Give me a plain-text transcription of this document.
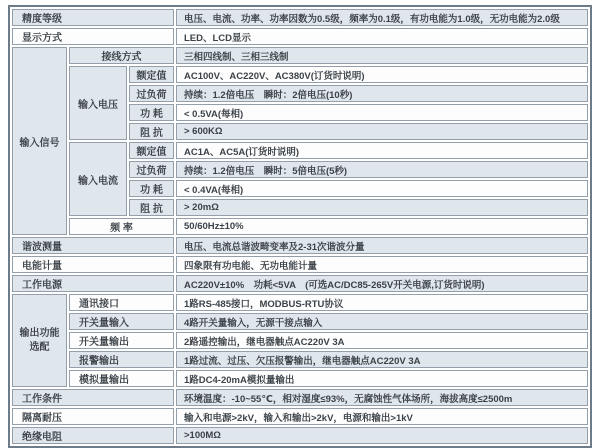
精度等级			电压、电流、功率、功率因数为0.5级，频率为0.1级，有功电能为1.0级，无功电能为2.0级
显示方式			LED、LCD显示
输入信号	接线方式		三相四线制、三相三线制
	输入电压	额定值	AC100V、AC220V、AC380V(订货时说明)
		过负荷	持续：1.2倍电压　瞬时：2倍电压(10秒)
		功 耗	< 0.5VA(每相)
		阻 抗	> 600KΩ
	输入电流	额定值	AC1A、AC5A(订货时说明)
		过负荷	持续：1.2倍电压　瞬时：5倍电压(5秒)
		功 耗	< 0.4VA(每相)
		阻 抗	> 20mΩ
	频 率		50/60Hz±10%
谐波测量			电压、电流总谐波畸变率及2-31次谐波分量
电能计量			四象限有功电能、无功电能计量
工作电源			AC220V±10%　功耗<5VA　(可选AC/DC85-265V开关电源,订货时说明)
输出功能选配	通讯接口		1路RS-485接口，MODBUS-RTU协议
	开关量输入		4路开关量输入，无源干接点输入
	开关量输出		2路遥控输出，继电器触点AC220V 3A
	报警输出		1路过流、过压、欠压报警输出，继电器触点AC220V 3A
	模拟量输出		1路DC4-20mA模拟量输出
工作条件			环境温度：-10~55℃，相对湿度≤93%，无腐蚀性气体场所，海拔高度≤2500m
隔离耐压			输入和电源>2kV，输入和输出>2kV，电源和输出>1kV
绝缘电阻			>100MΩ
